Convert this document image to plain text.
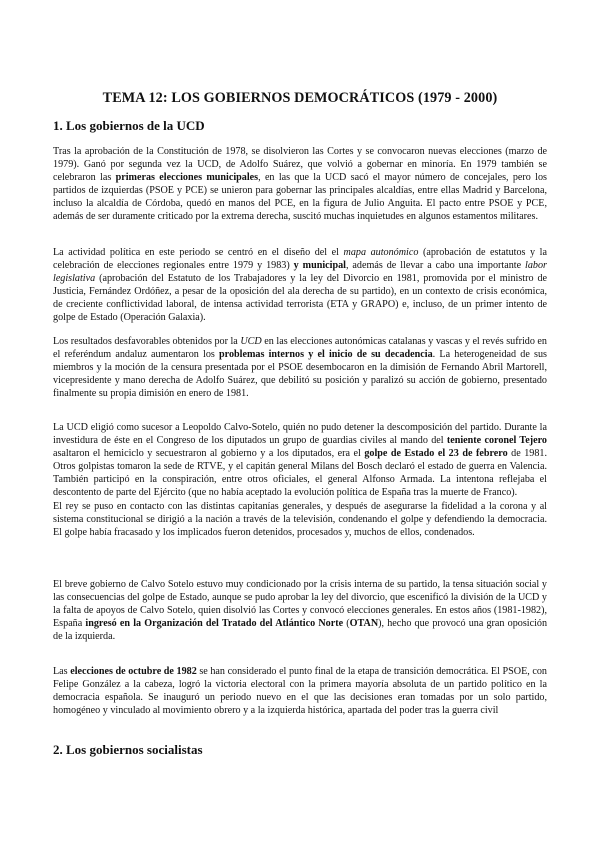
TEMA 12: LOS GOBIERNOS DEMOCRÁTICOS (1979 - 2000)
1. Los gobiernos de la UCD

Tras la aprobación de la Constitución de 1978, se disolvieron las Cortes y se convocaron nuevas elecciones (marzo de 1979). Ganó por segunda vez la UCD, de Adolfo Suárez, que volvió a gobernar en minoría. En 1979 también se celebraron las primeras elecciones municipales, en las que la UCD sacó el mayor número de concejales, pero los partidos de izquierdas (PSOE y PCE) se unieron para gobernar las principales alcaldías, entre ellas Madrid y Barcelona, incluso la alcaldía de Córdoba, quedó en manos del PCE, en la figura de Julio Anguita. El pacto entre PSOE y PCE, además de ser duramente criticado por la extrema derecha, suscitó muchas inquietudes en algunos estamentos militares.

La actividad política en este periodo se centró en el diseño del el mapa autonómico (aprobación de estatutos y la celebración de elecciones regionales entre 1979 y 1983) y municipal, además de llevar a cabo una importante labor legislativa (aprobación del Estatuto de los Trabajadores y la ley del Divorcio en 1981, promovida por el ministro de Justicia, Fernández Ordóñez, a pesar de la oposición del ala derecha de su partido), en un contexto de crisis económica, de creciente conflictividad laboral, de intensa actividad terrorista (ETA y GRAPO) e, incluso, de un primer intento de golpe de Estado (Operación Galaxia).

Los resultados desfavorables obtenidos por la UCD en las elecciones autonómicas catalanas y vascas y el revés sufrido en el referéndum andaluz aumentaron los problemas internos y el inicio de su decadencia. La heterogeneidad de sus miembros y la moción de la censura presentada por el PSOE desembocaron en la dimisión de Fernando Abril Martorell, vicepresidente y mano derecha de Adolfo Suárez, que debilitó su posición y paralizó su acción de gobierno, presentado finalmente su propia dimisión en enero de 1981.

La UCD eligió como sucesor a Leopoldo Calvo-Sotelo, quién no pudo detener la descomposición del partido. Durante la investidura de éste en el Congreso de los diputados un grupo de guardias civiles al mando del teniente coronel Tejero asaltaron el hemiciclo y secuestraron al gobierno y a los diputados, era el golpe de Estado el 23 de febrero de 1981. Otros golpistas tomaron la sede de RTVE, y el capitán general Milans del Bosch declaró el estado de guerra en Valencia. También participó en la conspiración, entre otros oficiales, el general Alfonso Armada. La intentona reflejaba el descontento de parte del Ejército (que no había aceptado la evolución política de España tras la muerte de Franco).

El rey se puso en contacto con las distintas capitanías generales, y después de asegurarse la fidelidad a la corona y al sistema constitucional se dirigió a la nación a través de la televisión, condenando el golpe y defendiendo la democracia. El golpe había fracasado y los implicados fueron detenidos, procesados y, muchos de ellos, condenados.

El breve gobierno de Calvo Sotelo estuvo muy condicionado por la crisis interna de su partido, la tensa situación social y las consecuencias del golpe de Estado, aunque se pudo aprobar la ley del divorcio, que escenificó la división de la UCD y la falta de apoyos de Calvo Sotelo, quien disolvió las Cortes y convocó elecciones generales. En estos años (1981-1982), España ingresó en la Organización del Tratado del Atlántico Norte (OTAN), hecho que provocó una gran oposición de la izquierda.

Las elecciones de octubre de 1982 se han considerado el punto final de la etapa de transición democrática. El PSOE, con Felipe González a la cabeza, logró la victoria electoral con la primera mayoría absoluta de un partido político en la democracia española. Se inauguró un periodo nuevo en el que las decisiones eran tomadas por un solo partido, homogéneo y vinculado al movimiento obrero y a la izquierda histórica, apartada del poder tras la guerra civil

2. Los gobiernos socialistas
